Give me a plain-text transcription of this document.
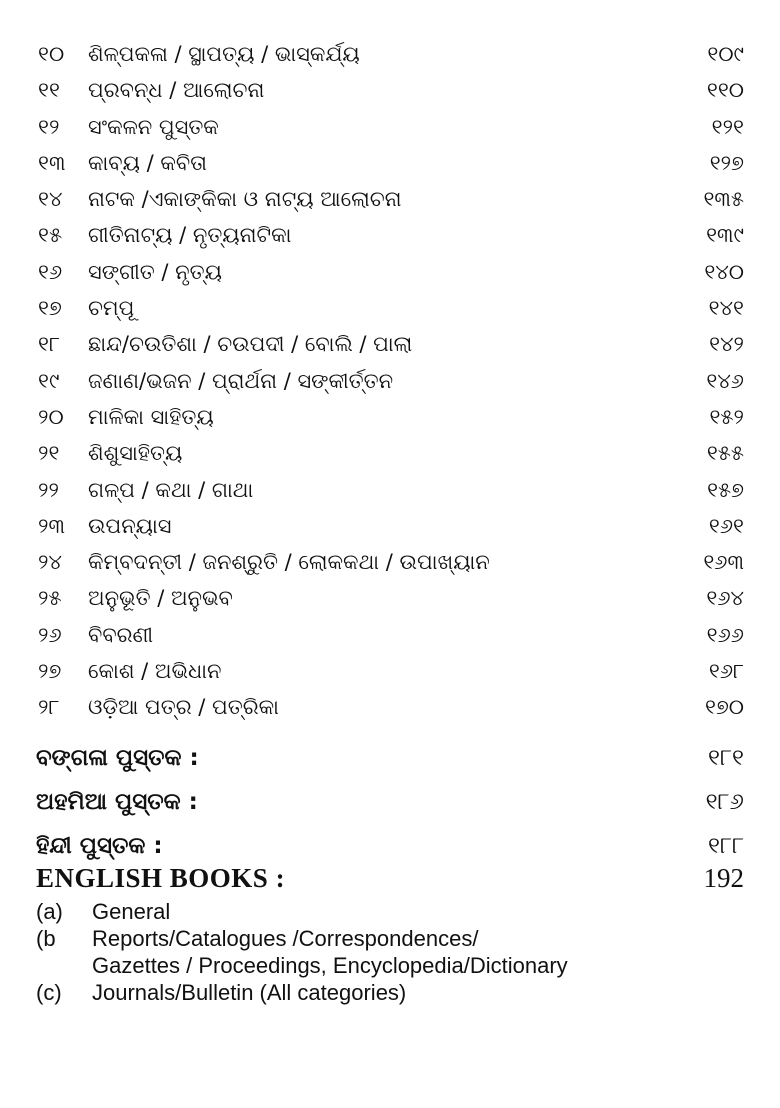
୧୦ ଶିଳ୍ପକଳା / ସ୍ଥାପତ୍ୟ / ଭାସ୍କର୍ଯ୍ୟ	୧୦୯
୧୧ ପ୍ରବନ୍ଧ / ଆଲୋଚନା	୧୧୦
୧୨ ସଂକଳନ ପୁସ୍ତକ	୧୨୧
୧୩ କାବ୍ୟ / କବିତା	୧୨୭
୧୪ ନାଟକ /ଏକାଙ୍କିକା ଓ ନାଟ୍ୟ ଆଲୋଚନା	୧୩୫
୧୫ ଗୀତିନାଟ୍ୟ / ନୃତ୍ୟନାଟିକା	୧୩୯
୧୬ ସଙ୍ଗୀତ / ନୃତ୍ୟ	୧୪୦
୧୭ ଚମ୍ପୂ	୧୪୧
୧୮ ଛାନ୍ଦ/ଚଉତିଶା / ଚଉପଦୀ / ବୋଲି / ପାଲା	୧୪୨
୧୯ ଜଣାଣ/ଭଜନ / ପ୍ରାର୍ଥନା / ସଙ୍କୀର୍ତ୍ତନ	୧୪୬
୨୦ ମାଳିକା ସାହିତ୍ୟ	୧୫୨
୨୧ ଶିଶୁସାହିତ୍ୟ	୧୫୫
୨୨ ଗଳ୍ପ / କଥା / ଗାଥା	୧୫୭
୨୩ ଉପନ୍ୟାସ	୧୬୧
୨୪ କିମ୍ବଦନ୍ତୀ / ଜନଶ୍ରୁତି / ଲୋକକଥା / ଉପାଖ୍ୟାନ	୧୬୩
୨୫ ଅନୁଭୂତି / ଅନୁଭବ	୧୬୪
୨୬ ବିବରଣୀ	୧୬୬
୨୭ କୋଶ / ଅଭିଧାନ	୧୬୮
୨୮ ଓଡ଼ିଆ ପତ୍ର / ପତ୍ରିକା	୧୭୦
ବଙ୍ଗଳା ପୁସ୍ତକ :	୧୮୧
ଅହମିଆ ପୁସ୍ତକ :	୧୮୬
ହିନ୍ଦୀ ପୁସ୍ତକ :	୧୮୮
ENGLISH BOOKS :	192
(a) General
(b Reports/Catalogues /Correspondences/
Gazettes / Proceedings, Encyclopedia/Dictionary
(c) Journals/Bulletin (All categories)
